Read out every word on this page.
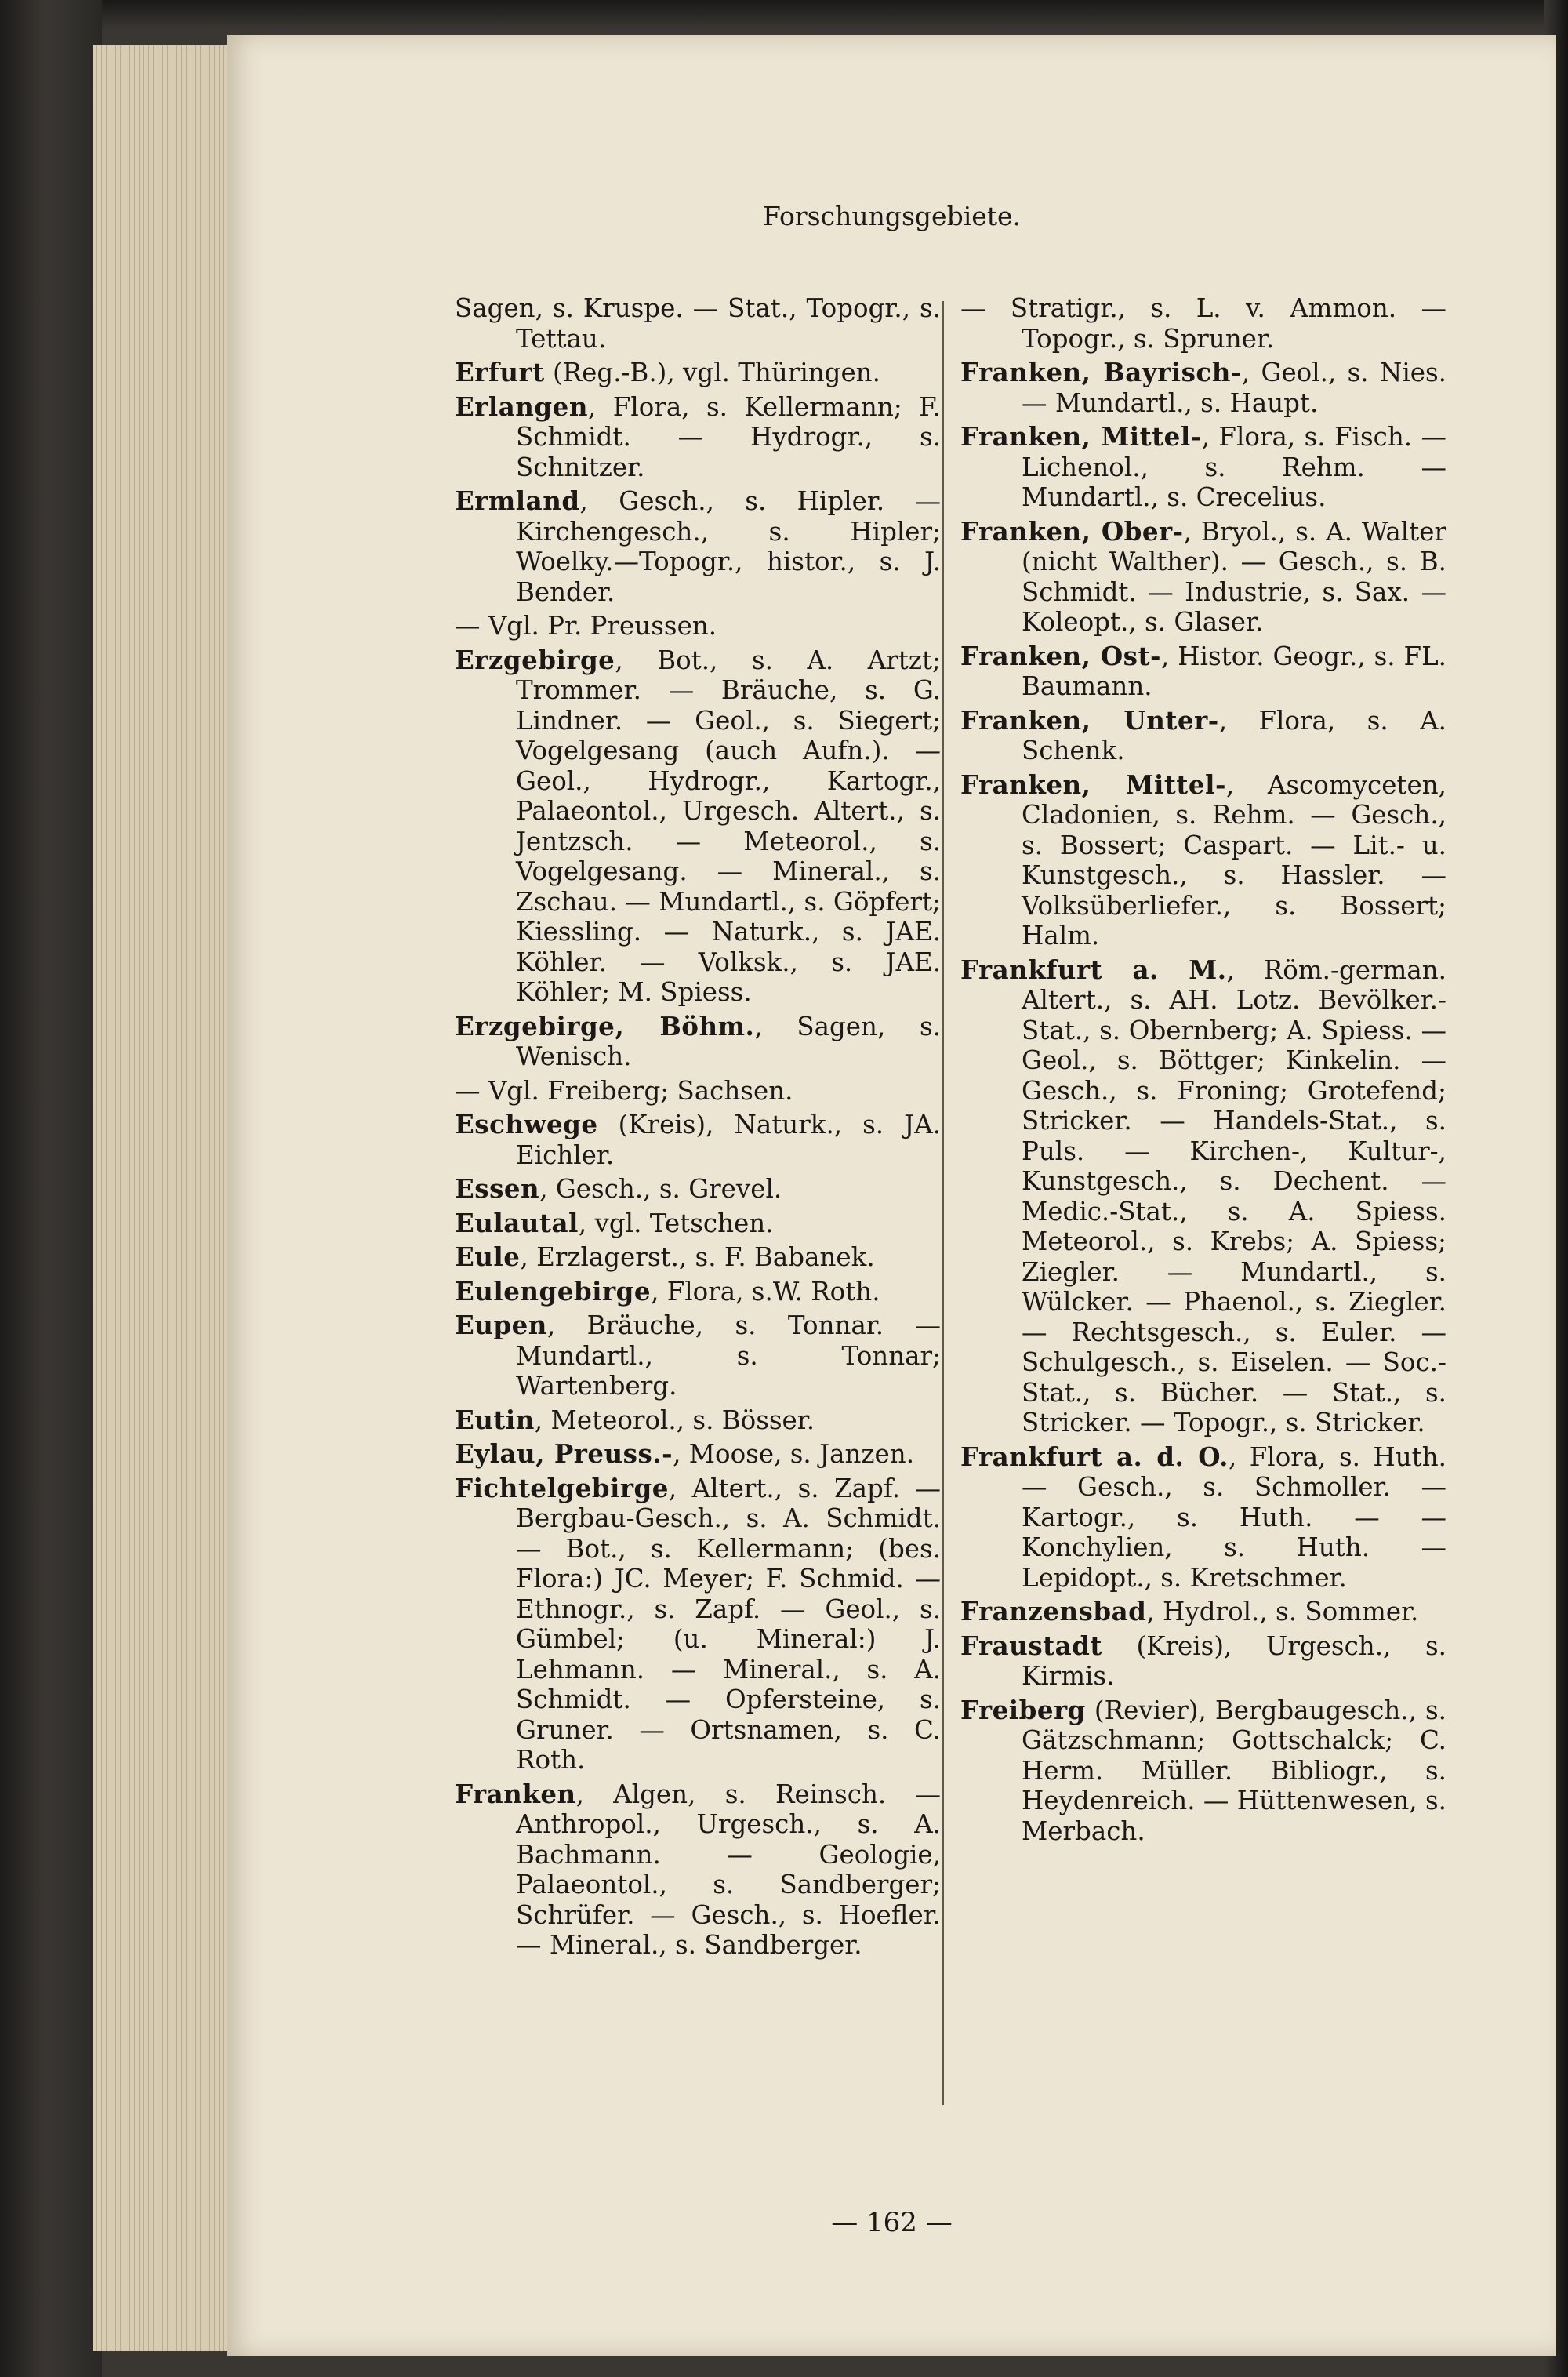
Forschungsgebiete.

Sagen, s. Kruspe. — Stat., Topogr., s. Tettau.

Erfurt (Reg.-B.), vgl. Thüringen.

Erlangen, Flora, s. Kellermann; F. Schmidt. — Hydrogr., s. Schnitzer.

Ermland, Gesch., s. Hipler. — Kirchengesch., s. Hipler; Woelky.—Topogr., histor., s. J. Bender.

— Vgl. Pr. Preussen.

Erzgebirge, Bot., s. A. Artzt; Trommer. — Bräuche, s. G. Lindner. — Geol., s. Siegert; Vogelgesang (auch Aufn.). — Geol., Hydrogr., Kartogr., Palaeontol., Urgesch. Altert., s. Jentzsch. — Meteorol., s. Vogelgesang. — Mineral., s. Zschau. — Mundartl., s. Göpfert; Kiessling. — Naturk., s. JAE. Köhler. — Volksk., s. JAE. Köhler; M. Spiess.

Erzgebirge, Böhm., Sagen, s. Wenisch.

— Vgl. Freiberg; Sachsen.

Eschwege (Kreis), Naturk., s. JA. Eichler.

Essen, Gesch., s. Grevel.

Eulautal, vgl. Tetschen.

Eule, Erzlagerst., s. F. Babanek.

Eulengebirge, Flora, s.W. Roth.

Eupen, Bräuche, s. Tonnar. — Mundartl., s. Tonnar; Wartenberg.

Eutin, Meteorol., s. Bösser.

Eylau, Preuss.-, Moose, s. Janzen.

Fichtelgebirge, Altert., s. Zapf. — Bergbau-Gesch., s. A. Schmidt. — Bot., s. Kellermann; (bes. Flora:) JC. Meyer; F. Schmid. — Ethnogr., s. Zapf. — Geol., s. Gümbel; (u. Mineral:) J. Lehmann. — Mineral., s. A. Schmidt. — Opfersteine, s. Gruner. — Ortsnamen, s. C. Roth.

Franken, Algen, s. Reinsch. — Anthropol., Urgesch., s. A. Bachmann. — Geologie, Palaeontol., s. Sandberger; Schrüfer. — Gesch., s. Hoefler. — Mineral., s. Sandberger.

— Stratigr., s. L. v. Ammon. — Topogr., s. Spruner.

Franken, Bayrisch-, Geol., s. Nies. — Mundartl., s. Haupt.

Franken, Mittel-, Flora, s. Fisch. — Lichenol., s. Rehm. — Mundartl., s. Crecelius.

Franken, Ober-, Bryol., s. A. Walter (nicht Walther). — Gesch., s. B. Schmidt. — Industrie, s. Sax. — Koleopt., s. Glaser.

Franken, Ost-, Histor. Geogr., s. FL. Baumann.

Franken, Unter-, Flora, s. A. Schenk.

Franken, Mittel-, Ascomyceten, Cladonien, s. Rehm. — Gesch., s. Bossert; Caspart. — Lit.- u. Kunstgesch., s. Hassler. — Volksüberliefer., s. Bossert; Halm.

Frankfurt a. M., Röm.-german. Altert., s. AH. Lotz. Bevölker.-Stat., s. Obernberg; A. Spiess. — Geol., s. Böttger; Kinkelin. — Gesch., s. Froning; Grotefend; Stricker. — Handels-Stat., s. Puls. — Kirchen-, Kultur-, Kunstgesch., s. Dechent. — Medic.-Stat., s. A. Spiess. Meteorol., s. Krebs; A. Spiess; Ziegler. — Mundartl., s. Wülcker. — Phaenol., s. Ziegler. — Rechtsgesch., s. Euler. — Schulgesch., s. Eiselen. — Soc.-Stat., s. Bücher. — Stat., s. Stricker. — Topogr., s. Stricker.

Frankfurt a. d. O., Flora, s. Huth. — Gesch., s. Schmoller. — Kartogr., s. Huth. — — Konchylien, s. Huth. — Lepidopt., s. Kretschmer.

Franzensbad, Hydrol., s. Sommer.

Fraustadt (Kreis), Urgesch., s. Kirmis.

Freiberg (Revier), Bergbaugesch., s. Gätzschmann; Gottschalck; C. Herm. Müller. Bibliogr., s. Heydenreich. — Hüttenwesen, s. Merbach.

— 162 —
